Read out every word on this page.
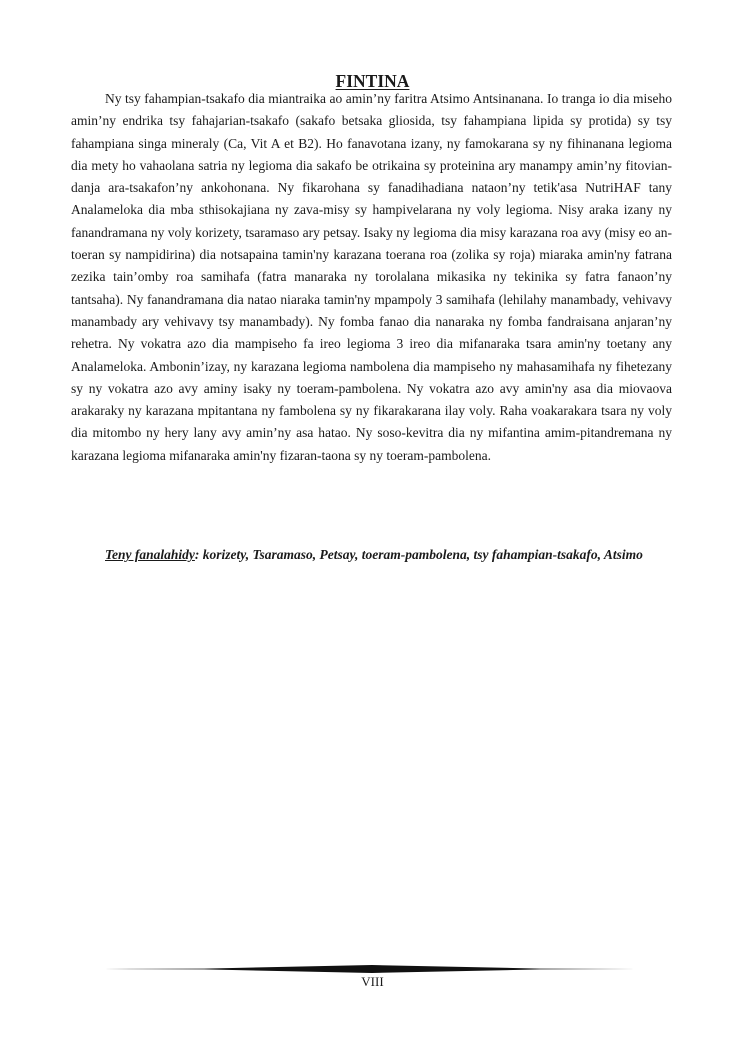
FINTINA

Ny tsy fahampian-tsakafo dia miantraika ao amin’ny faritra Atsimo Antsinanana. Io tranga io dia miseho amin’ny endrika tsy fahajarian-tsakafo (sakafo betsaka gliosida, tsy fahampiana lipida sy protida) sy tsy fahampiana singa mineraly (Ca, Vit A et B2). Ho fanavotana izany, ny famokarana sy ny fihinanana legioma dia mety ho vahaolana satria ny legioma dia sakafo be otrikaina sy proteinina ary manampy amin’ny fitovian-danja ara-tsakafon’ny ankohonana. Ny fikarohana sy fanadihadiana nataon’ny tetik'asa NutriHAF tany Analameloka dia mba sthisokajiana ny zava-misy sy hampivelarana ny voly legioma. Nisy araka izany ny fanandramana ny voly korizety, tsaramaso ary petsay. Isaky ny legioma dia misy karazana roa avy (misy eo an-toeran sy nampidirina) dia notsapaina tamin'ny karazana toerana roa (zolika sy roja) miaraka amin'ny fatrana zezika tain’omby roa samihafa (fatra manaraka ny torolalana mikasika ny tekinika sy fatra fanaon’ny tantsaha). Ny fanandramana dia natao niaraka tamin'ny mpampoly 3 samihafa (lehilahy manambady, vehivavy manambady ary vehivavy tsy manambady). Ny fomba fanao dia nanaraka ny fomba fandraisana anjaran’ny rehetra. Ny vokatra azo dia mampiseho fa ireo legioma 3 ireo dia mifanaraka tsara amin'ny toetany any Analameloka. Ambonin’izay, ny karazana legioma nambolena dia mampiseho ny mahasamihafa ny fihetezany sy ny vokatra azo avy aminy isaky ny toeram-pambolena. Ny vokatra azo avy amin'ny asa dia miovaova arakaraky ny karazana mpitantana ny fambolena sy ny fikarakarana ilay voly. Raha voakarakara tsara ny voly dia mitombo ny hery lany avy amin’ny asa hatao. Ny soso-kevitra dia ny mifantina amim-pitandremana ny karazana legioma mifanaraka amin'ny fizaran-taona sy ny toeram-pambolena.

Teny fanalahidy: korizety, Tsaramaso, Petsay, toeram-pambolena, tsy fahampian-tsakafo, Atsimo

VIII
